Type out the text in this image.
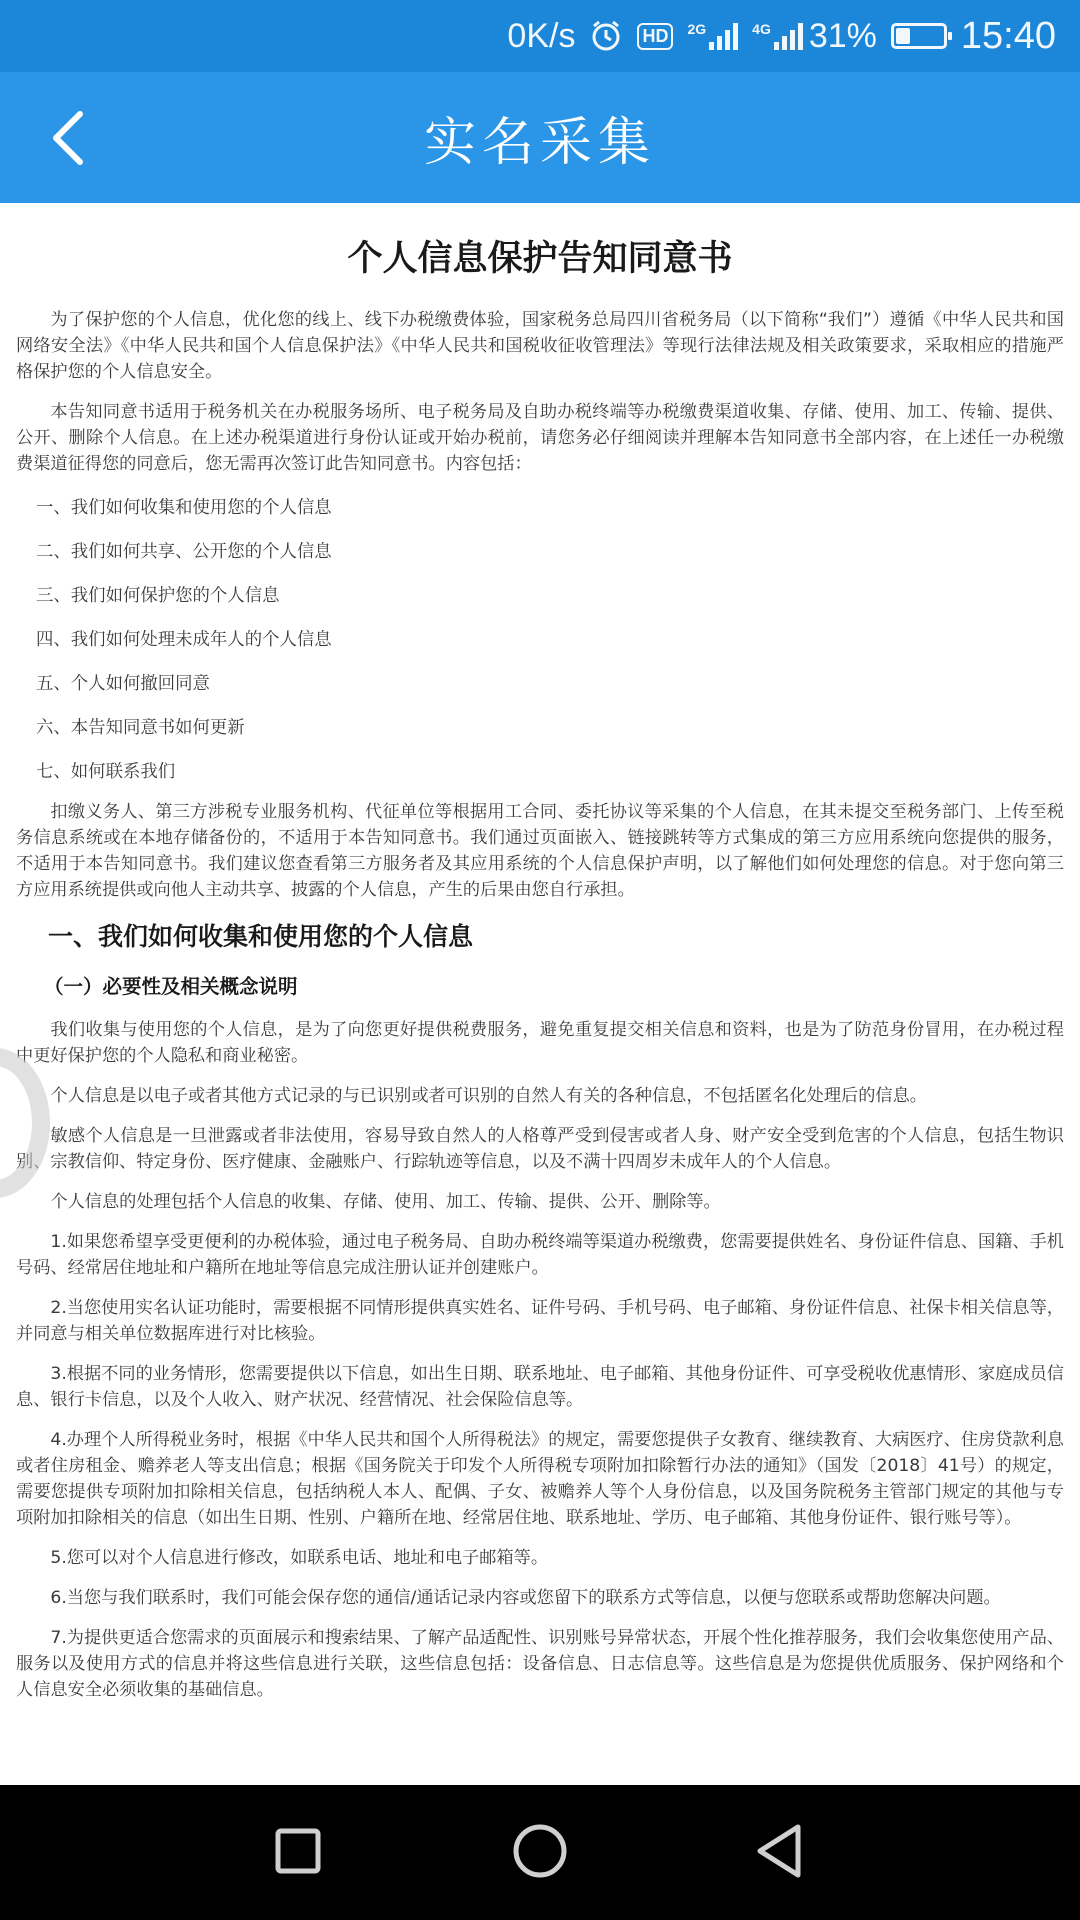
0K/s	HD	2G	4G 31% 15:40
实名采集
个人信息保护告知同意书

为了保护您的个人信息，优化您的线上、线下办税缴费体验，国家税务总局四川省税务局（以下简称“我们”）遵循《中华人民共和国网络安全法》《中华人民共和国个人信息保护法》《中华人民共和国税收征收管理法》等现行法律法规及相关政策要求，采取相应的措施严格保护您的个人信息安全。

本告知同意书适用于税务机关在办税服务场所、电子税务局及自助办税终端等办税缴费渠道收集、存储、使用、加工、传输、提供、公开、删除个人信息。在上述办税渠道进行身份认证或开始办税前，请您务必仔细阅读并理解本告知同意书全部内容，在上述任一办税缴费渠道征得您的同意后，您无需再次签订此告知同意书。内容包括：

一、我们如何收集和使用您的个人信息
二、我们如何共享、公开您的个人信息
三、我们如何保护您的个人信息
四、我们如何处理未成年人的个人信息
五、个人如何撤回同意
六、本告知同意书如何更新
七、如何联系我们

扣缴义务人、第三方涉税专业服务机构、代征单位等根据用工合同、委托协议等采集的个人信息，在其未提交至税务部门、上传至税务信息系统或在本地存储备份的，不适用于本告知同意书。我们通过页面嵌入、链接跳转等方式集成的第三方应用系统向您提供的服务，不适用于本告知同意书。我们建议您查看第三方服务者及其应用系统的个人信息保护声明，以了解他们如何处理您的信息。对于您向第三方应用系统提供或向他人主动共享、披露的个人信息，产生的后果由您自行承担。

一、我们如何收集和使用您的个人信息
（一）必要性及相关概念说明

我们收集与使用您的个人信息，是为了向您更好提供税费服务，避免重复提交相关信息和资料，也是为了防范身份冒用，在办税过程中更好保护您的个人隐私和商业秘密。

个人信息是以电子或者其他方式记录的与已识别或者可识别的自然人有关的各种信息，不包括匿名化处理后的信息。

敏感个人信息是一旦泄露或者非法使用，容易导致自然人的人格尊严受到侵害或者人身、财产安全受到危害的个人信息，包括生物识别、宗教信仰、特定身份、医疗健康、金融账户、行踪轨迹等信息，以及不满十四周岁未成年人的个人信息。

个人信息的处理包括个人信息的收集、存储、使用、加工、传输、提供、公开、删除等。

1.如果您希望享受更便利的办税体验，通过电子税务局、自助办税终端等渠道办税缴费，您需要提供姓名、身份证件信息、国籍、手机号码、经常居住地址和户籍所在地址等信息完成注册认证并创建账户。

2.当您使用实名认证功能时，需要根据不同情形提供真实姓名、证件号码、手机号码、电子邮箱、身份证件信息、社保卡相关信息等，并同意与相关单位数据库进行对比核验。

3.根据不同的业务情形，您需要提供以下信息，如出生日期、联系地址、电子邮箱、其他身份证件、可享受税收优惠情形、家庭成员信息、银行卡信息，以及个人收入、财产状况、经营情况、社会保险信息等。

4.办理个人所得税业务时，根据《中华人民共和国个人所得税法》的规定，需要您提供子女教育、继续教育、大病医疗、住房贷款利息或者住房租金、赡养老人等支出信息；根据《国务院关于印发个人所得税专项附加扣除暂行办法的通知》（国发〔2018〕41号）的规定，需要您提供专项附加扣除相关信息，包括纳税人本人、配偶、子女、被赡养人等个人身份信息，以及国务院税务主管部门规定的其他与专项附加扣除相关的信息（如出生日期、性别、户籍所在地、经常居住地、联系地址、学历、电子邮箱、其他身份证件、银行账号等）。

5.您可以对个人信息进行修改，如联系电话、地址和电子邮箱等。

6.当您与我们联系时，我们可能会保存您的通信/通话记录内容或您留下的联系方式等信息，以便与您联系或帮助您解决问题。

7.为提供更适合您需求的页面展示和搜索结果、了解产品适配性、识别账号异常状态，开展个性化推荐服务，我们会收集您使用产品、服务以及使用方式的信息并将这些信息进行关联，这些信息包括：设备信息、日志信息等。这些信息是为您提供优质服务、保护网络和个人信息安全必须收集的基础信息。
